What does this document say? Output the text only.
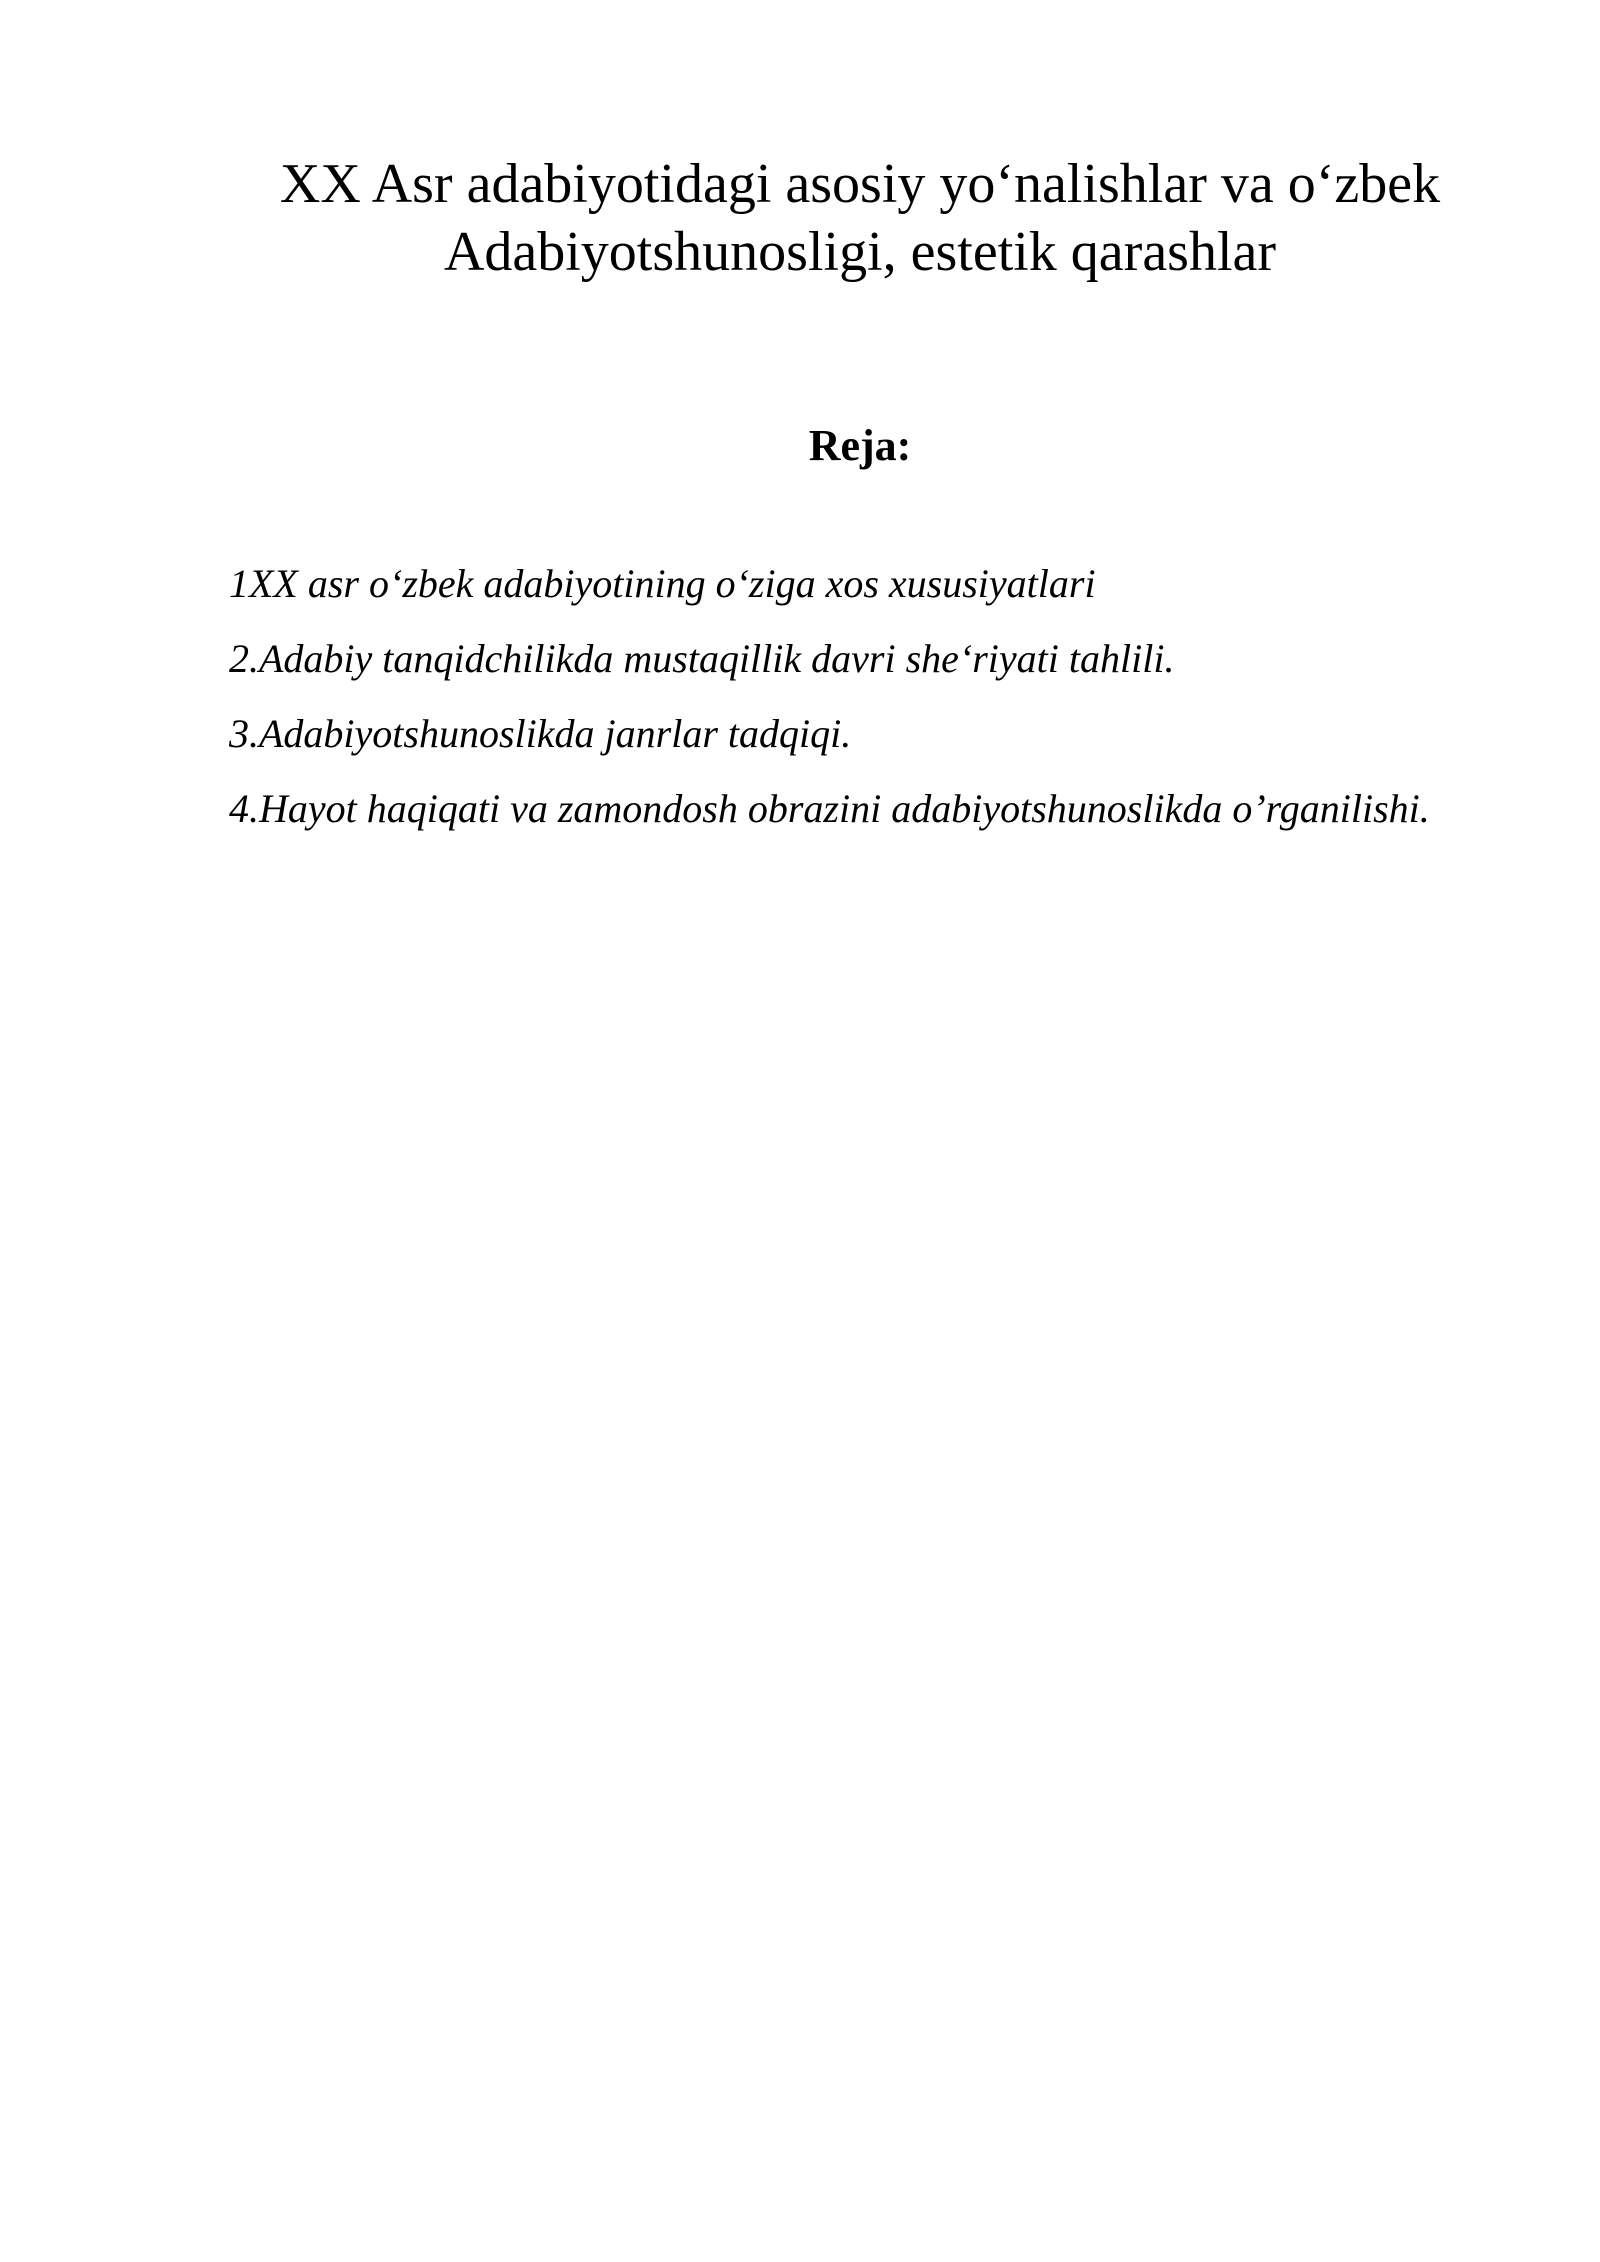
XX Asr adabiyotidagi asosiy yo‘nalishlar va o‘zbek
Adabiyotshunosligi, estetik qarashlar
Reja:
1XX asr o‘zbek adabiyotining o‘ziga xos xususiyatlari
2.Adabiy tanqidchilikda mustaqillik davri she‘riyati tahlili.
3.Adabiyotshunoslikda janrlar tadqiqi.
4.Hayot haqiqati va zamondosh obrazini adabiyotshunoslikda o’rganilishi.
